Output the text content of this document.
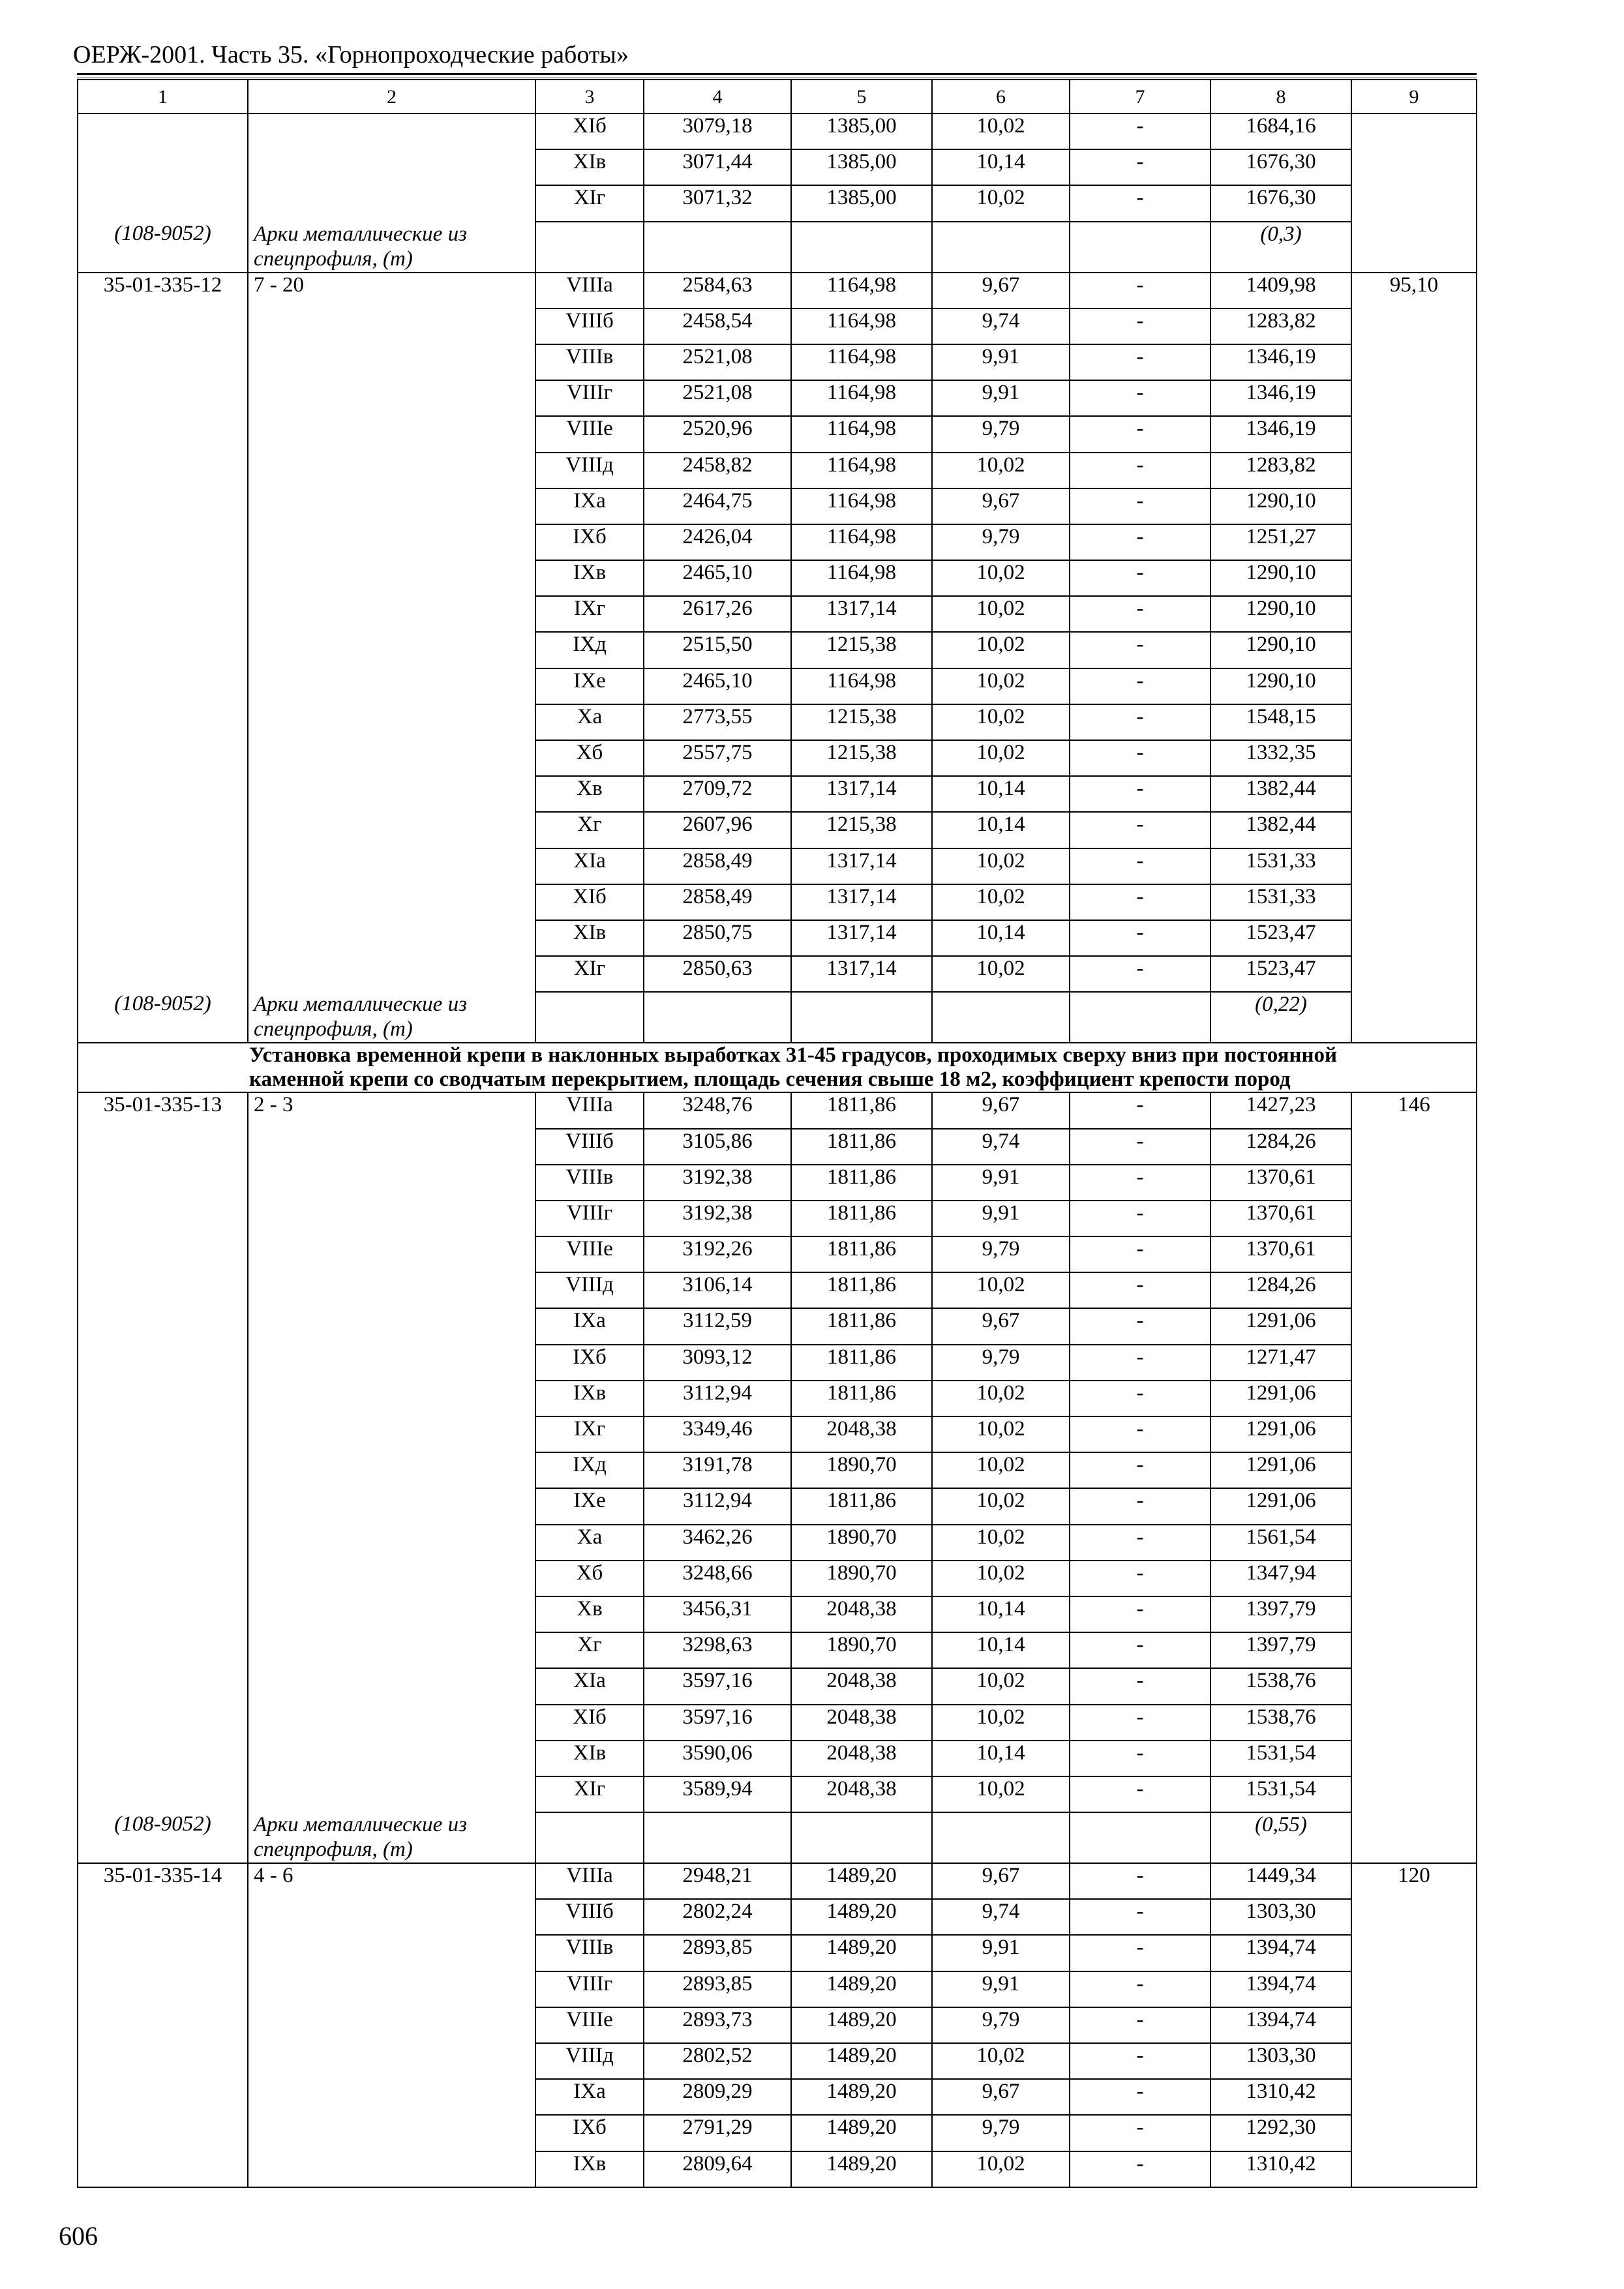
ОЕРЖ-2001. Часть 35. «Горнопроходческие работы»
1	2	3	4	5	6	7	8	9
		XIб	3079,18	1385,00	10,02	-	1684,16	
		XIв	3071,44	1385,00	10,14	-	1676,30	
		XIг	3071,32	1385,00	10,02	-	1676,30	
(108-9052)	Арки металлические из спецпрофиля, (т)						(0,3)	
35-01-335-12	7 - 20	VIIIа	2584,63	1164,98	9,67	-	1409,98	95,10
		VIIIб	2458,54	1164,98	9,74	-	1283,82	
		VIIIв	2521,08	1164,98	9,91	-	1346,19	
		VIIIг	2521,08	1164,98	9,91	-	1346,19	
		VIIIе	2520,96	1164,98	9,79	-	1346,19	
		VIIIд	2458,82	1164,98	10,02	-	1283,82	
		IXа	2464,75	1164,98	9,67	-	1290,10	
		IXб	2426,04	1164,98	9,79	-	1251,27	
		IXв	2465,10	1164,98	10,02	-	1290,10	
		IXг	2617,26	1317,14	10,02	-	1290,10	
		IXд	2515,50	1215,38	10,02	-	1290,10	
		IXе	2465,10	1164,98	10,02	-	1290,10	
		Xа	2773,55	1215,38	10,02	-	1548,15	
		Xб	2557,75	1215,38	10,02	-	1332,35	
		Xв	2709,72	1317,14	10,14	-	1382,44	
		Xг	2607,96	1215,38	10,14	-	1382,44	
		XIа	2858,49	1317,14	10,02	-	1531,33	
		XIб	2858,49	1317,14	10,02	-	1531,33	
		XIв	2850,75	1317,14	10,14	-	1523,47	
		XIг	2850,63	1317,14	10,02	-	1523,47	
(108-9052)	Арки металлические из спецпрофиля, (т)						(0,22)	
Установка временной крепи в наклонных выработках 31-45 градусов, проходимых сверху вниз при постоянной каменной крепи со сводчатым перекрытием, площадь сечения свыше 18 м2, коэффициент крепости пород								
35-01-335-13	2 - 3	VIIIа	3248,76	1811,86	9,67	-	1427,23	146
		VIIIб	3105,86	1811,86	9,74	-	1284,26	
		VIIIв	3192,38	1811,86	9,91	-	1370,61	
		VIIIг	3192,38	1811,86	9,91	-	1370,61	
		VIIIе	3192,26	1811,86	9,79	-	1370,61	
		VIIIд	3106,14	1811,86	10,02	-	1284,26	
		IXа	3112,59	1811,86	9,67	-	1291,06	
		IXб	3093,12	1811,86	9,79	-	1271,47	
		IXв	3112,94	1811,86	10,02	-	1291,06	
		IXг	3349,46	2048,38	10,02	-	1291,06	
		IXд	3191,78	1890,70	10,02	-	1291,06	
		IXе	3112,94	1811,86	10,02	-	1291,06	
		Xа	3462,26	1890,70	10,02	-	1561,54	
		Xб	3248,66	1890,70	10,02	-	1347,94	
		Xв	3456,31	2048,38	10,14	-	1397,79	
		Xг	3298,63	1890,70	10,14	-	1397,79	
		XIа	3597,16	2048,38	10,02	-	1538,76	
		XIб	3597,16	2048,38	10,02	-	1538,76	
		XIв	3590,06	2048,38	10,14	-	1531,54	
		XIг	3589,94	2048,38	10,02	-	1531,54	
(108-9052)	Арки металлические из спецпрофиля, (т)						(0,55)	
35-01-335-14	4 - 6	VIIIа	2948,21	1489,20	9,67	-	1449,34	120
		VIIIб	2802,24	1489,20	9,74	-	1303,30	
		VIIIв	2893,85	1489,20	9,91	-	1394,74	
		VIIIг	2893,85	1489,20	9,91	-	1394,74	
		VIIIе	2893,73	1489,20	9,79	-	1394,74	
		VIIIд	2802,52	1489,20	10,02	-	1303,30	
		IXа	2809,29	1489,20	9,67	-	1310,42	
		IXб	2791,29	1489,20	9,79	-	1292,30	
		IXв	2809,64	1489,20	10,02	-	1310,42	
606
